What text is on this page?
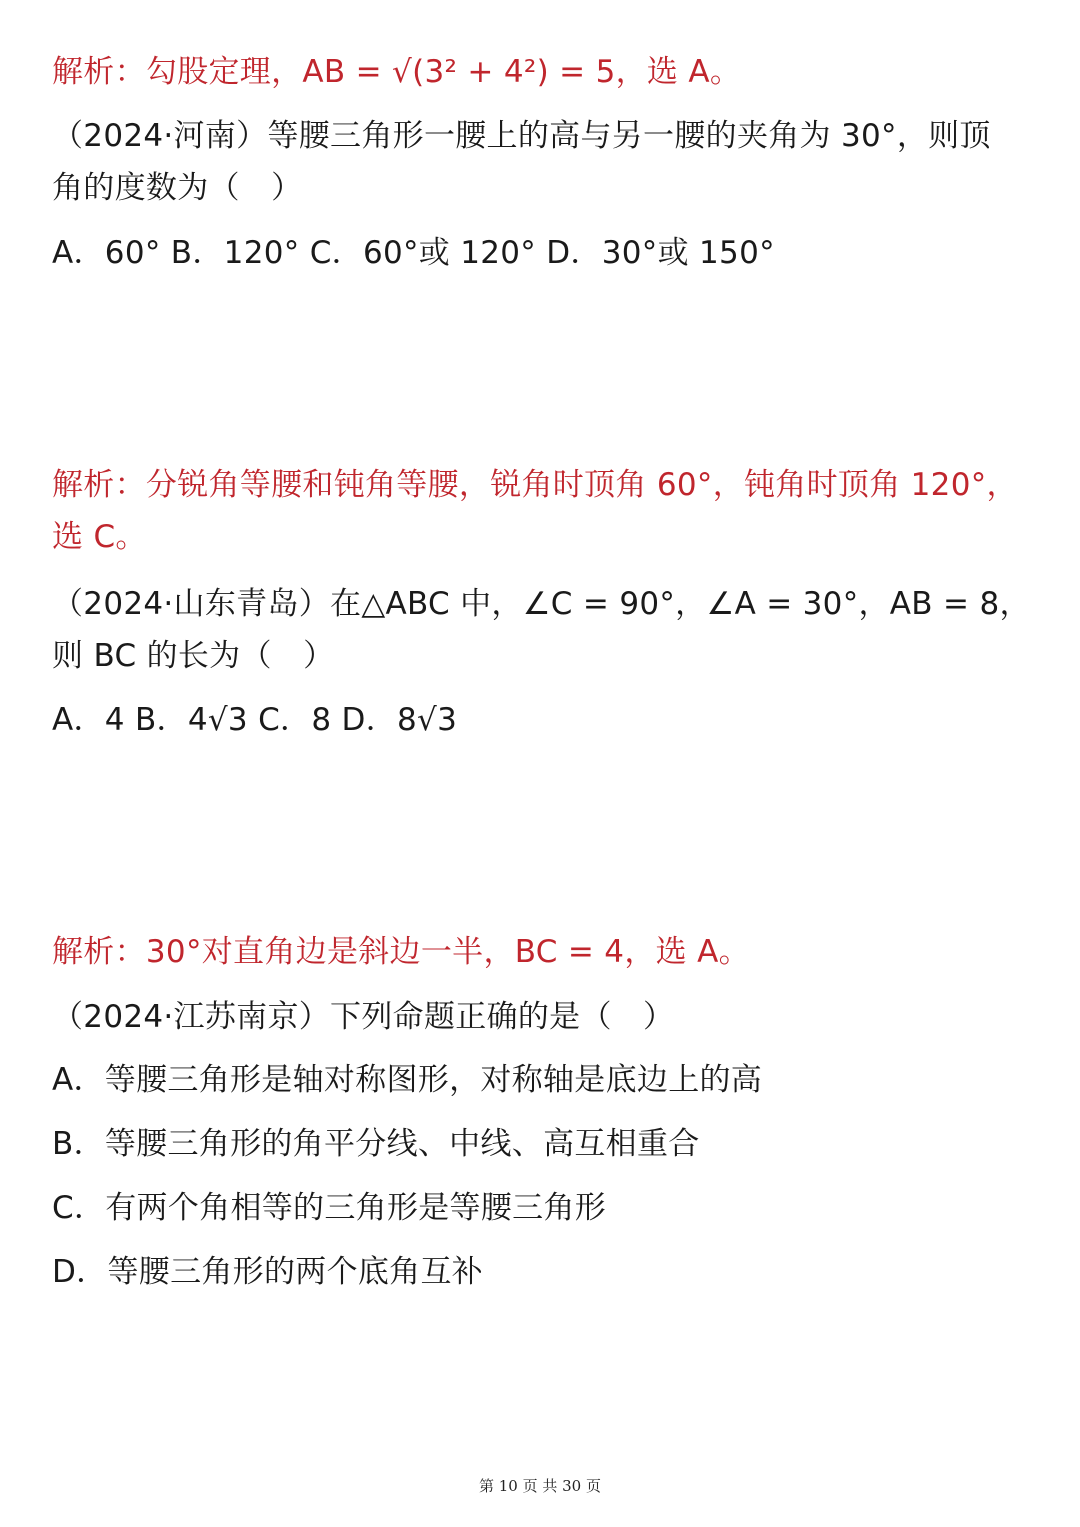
解析：勾股定理，AB = √(3² + 4²) = 5，选 A。
（2024·河南）等腰三角形一腰上的高与另一腰的夹角为 30°，则顶
角的度数为（　）
A．60° B．120° C．60°或 120° D．30°或 150°
解析：分锐角等腰和钝角等腰，锐角时顶角 60°，钝角时顶角 120°，
选 C。
（2024·山东青岛）在△ABC 中，∠C = 90°，∠A = 30°，AB = 8，
则 BC 的长为（　）
A．4 B．4√3 C．8 D．8√3
解析：30°对直角边是斜边一半，BC = 4，选 A。
（2024·江苏南京）下列命题正确的是（　）
A．等腰三角形是轴对称图形，对称轴是底边上的高
B．等腰三角形的角平分线、中线、高互相重合
C．有两个角相等的三角形是等腰三角形
D．等腰三角形的两个底角互补
第 10 页 共 30 页
